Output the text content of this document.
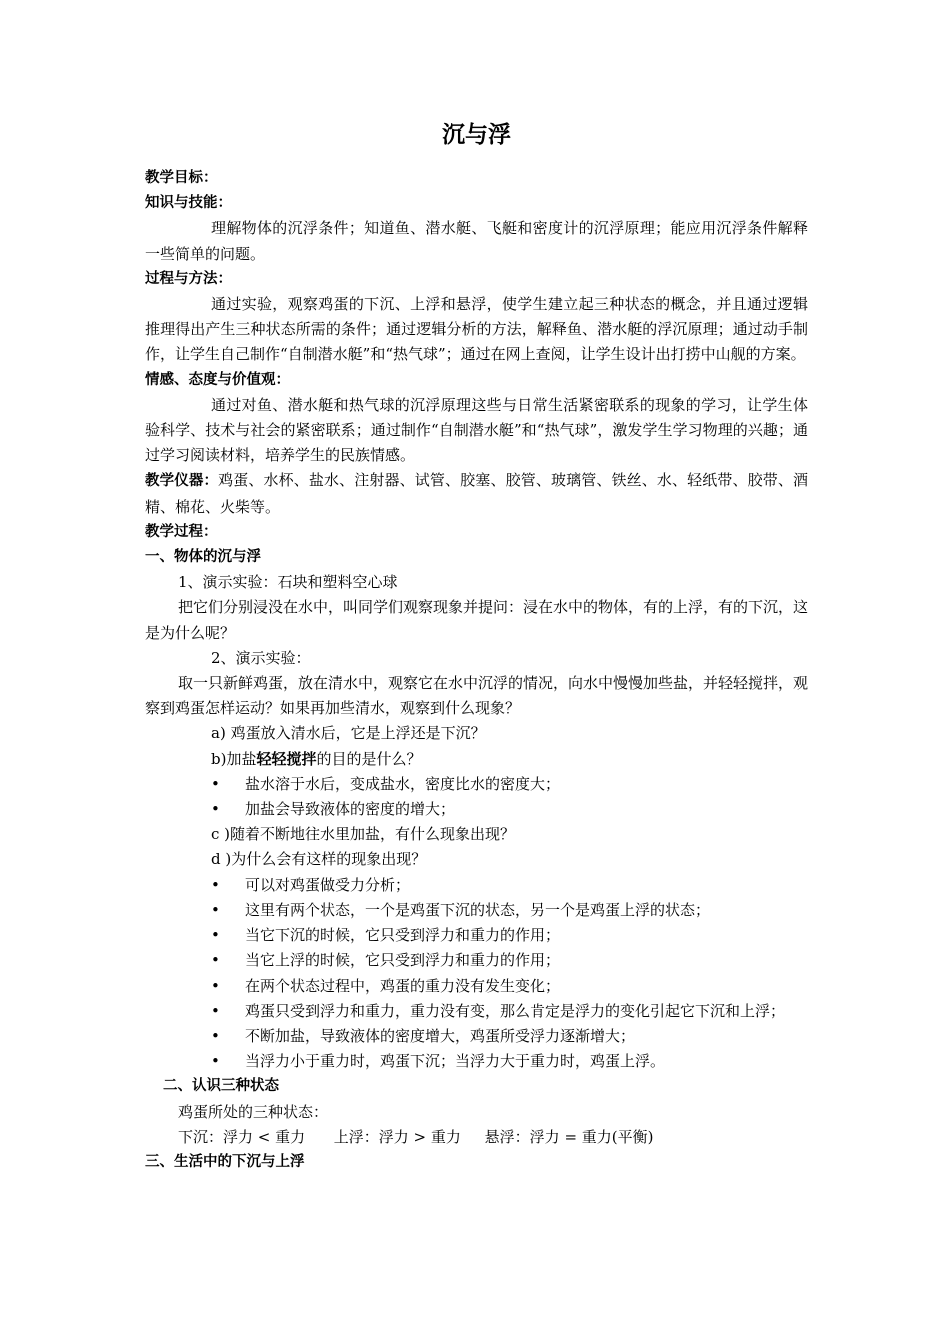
沉与浮
教学目标：
知识与技能：
理解物体的沉浮条件；知道鱼、潜水艇、飞艇和密度计的沉浮原理；能应用沉浮条件解释一些简单的问题。
过程与方法：
通过实验，观察鸡蛋的下沉、上浮和悬浮，使学生建立起三种状态的概念，并且通过逻辑推理得出产生三种状态所需的条件；通过逻辑分析的方法，解释鱼、潜水艇的浮沉原理；通过动手制作，让学生自己制作“自制潜水艇”和“热气球”；通过在网上查阅，让学生设计出打捞中山舰的方案。
情感、态度与价值观：
通过对鱼、潜水艇和热气球的沉浮原理这些与日常生活紧密联系的现象的学习，让学生体验科学、技术与社会的紧密联系；通过制作“自制潜水艇”和“热气球”，激发学生学习物理的兴趣；通过学习阅读材料，培养学生的民族情感。
教学仪器：鸡蛋、水杯、盐水、注射器、试管、胶塞、胶管、玻璃管、铁丝、水、轻纸带、胶带、酒精、棉花、火柴等。
教学过程：
一、物体的沉与浮
1、演示实验：石块和塑料空心球
把它们分别浸没在水中，叫同学们观察现象并提问：浸在水中的物体，有的上浮，有的下沉，这是为什么呢？
2、演示实验：
取一只新鲜鸡蛋，放在清水中，观察它在水中沉浮的情况，向水中慢慢加些盐，并轻轻搅拌，观察到鸡蛋怎样运动？如果再加些清水，观察到什么现象？
a) 鸡蛋放入清水后，它是上浮还是下沉？
b)加盐轻轻搅拌的目的是什么？
• 盐水溶于水后，变成盐水，密度比水的密度大；
• 加盐会导致液体的密度的增大；
c )随着不断地往水里加盐，有什么现象出现？
d )为什么会有这样的现象出现？
• 可以对鸡蛋做受力分析；
• 这里有两个状态，一个是鸡蛋下沉的状态，另一个是鸡蛋上浮的状态；
• 当它下沉的时候，它只受到浮力和重力的作用；
• 当它上浮的时候，它只受到浮力和重力的作用；
• 在两个状态过程中，鸡蛋的重力没有发生变化；
• 鸡蛋只受到浮力和重力，重力没有变，那么肯定是浮力的变化引起它下沉和上浮；
• 不断加盐，导致液体的密度增大，鸡蛋所受浮力逐渐增大；
• 当浮力小于重力时，鸡蛋下沉；当浮力大于重力时，鸡蛋上浮。
二、认识三种状态
鸡蛋所处的三种状态：
下沉：浮力 < 重力 上浮：浮力 > 重力 悬浮：浮力 = 重力(平衡)
三、生活中的下沉与上浮
